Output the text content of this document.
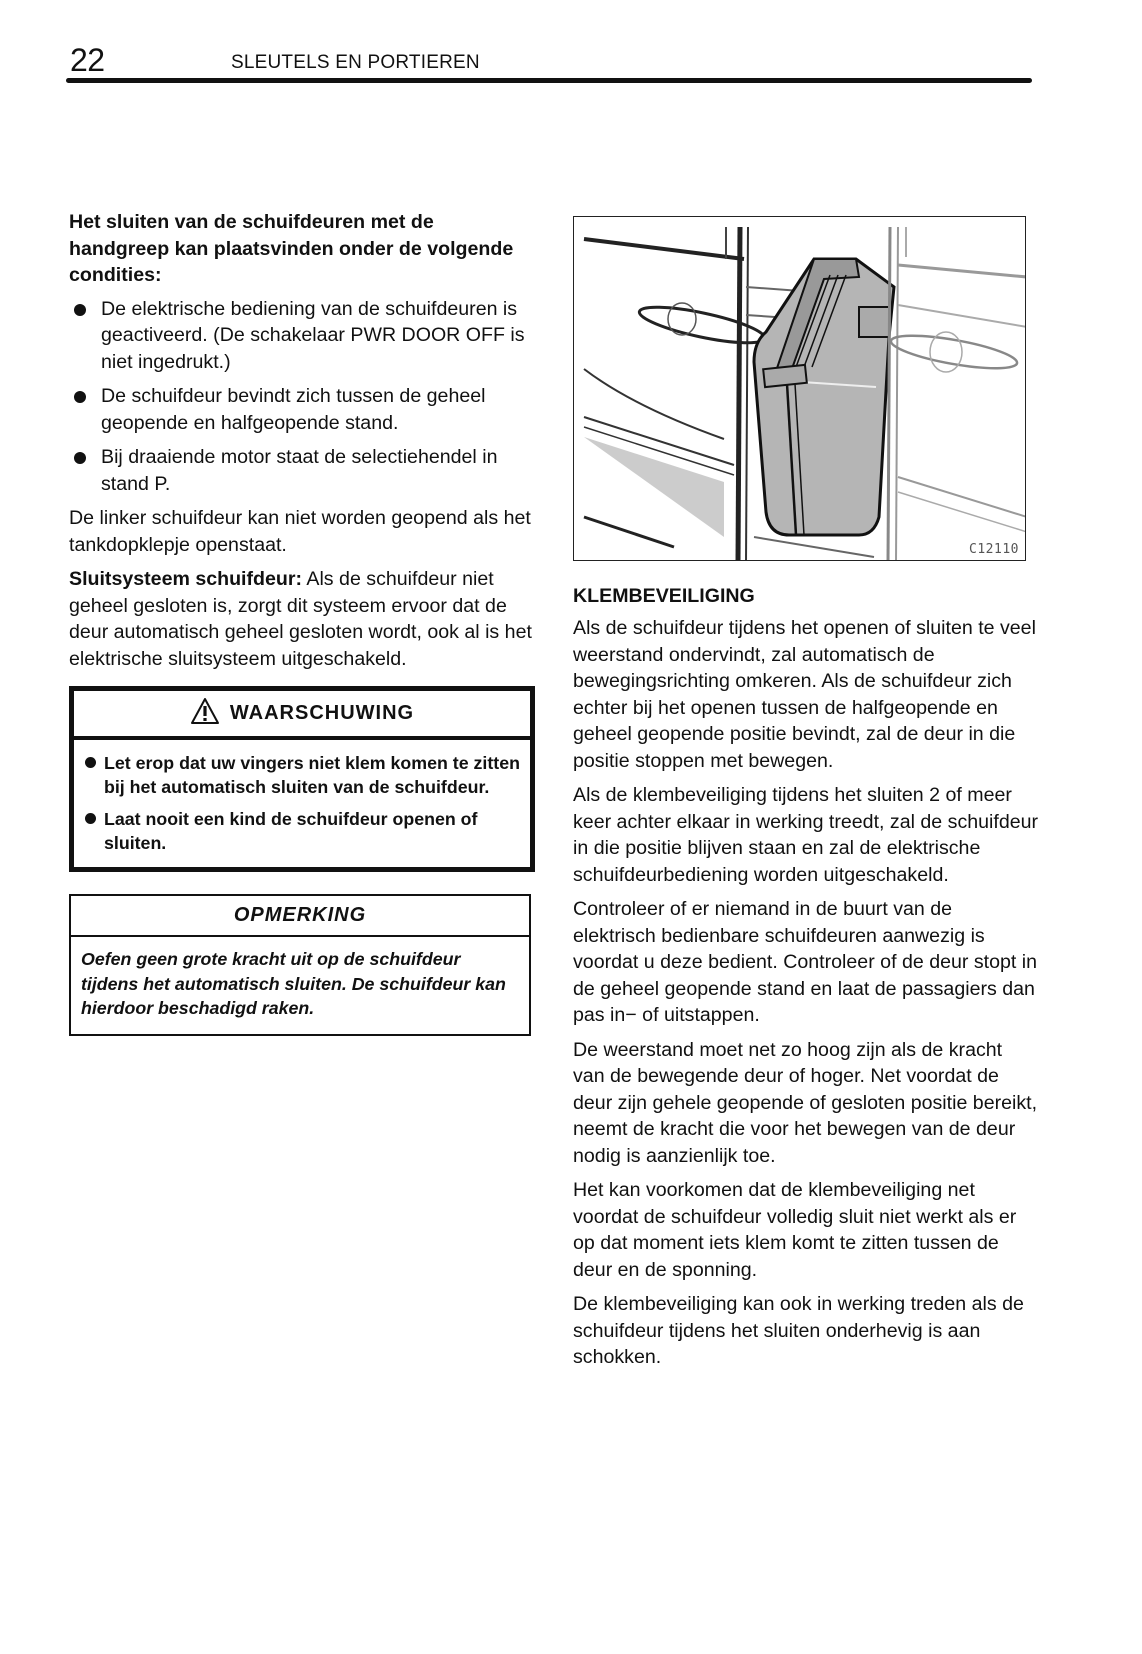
22	SLEUTELS EN PORTIEREN

Het sluiten van de schuifdeuren met de handgreep kan plaatsvinden onder de volgende condities:

De elektrische bediening van de schuifdeuren is geactiveerd. (De schakelaar PWR DOOR OFF is niet ingedrukt.)
De schuifdeur bevindt zich tussen de geheel geopende en halfgeopende stand.
Bij draaiende motor staat de selectiehendel in stand P.

De linker schuifdeur kan niet worden geopend als het tankdopklepje openstaat.

Sluitsysteem schuifdeur: Als de schuifdeur niet geheel gesloten is, zorgt dit systeem ervoor dat de deur automatisch geheel gesloten wordt, ook al is het elektrische sluitsysteem uitgeschakeld.

WAARSCHUWING
Let erop dat uw vingers niet klem komen te zitten bij het automatisch sluiten van de schuifdeur.
Laat nooit een kind de schuifdeur openen of sluiten.
OPMERKING
Oefen geen grote kracht uit op de schuifdeur tijdens het automatisch sluiten. De schuifdeur kan hierdoor beschadigd raken.
C12110
KLEMBEVEILIGING

Als de schuifdeur tijdens het openen of sluiten te veel weerstand ondervindt, zal automatisch de bewegingsrichting omkeren. Als de schuifdeur zich echter bij het openen tussen de halfgeopende en geheel geopende positie bevindt, zal de deur in die positie stoppen met bewegen.

Als de klembeveiliging tijdens het sluiten 2 of meer keer achter elkaar in werking treedt, zal de schuifdeur in die positie blijven staan en zal de elektrische schuifdeurbediening worden uitgeschakeld.

Controleer of er niemand in de buurt van de elektrisch bedienbare schuifdeuren aanwezig is voordat u deze bedient. Controleer of de deur stopt in de geheel geopende stand en laat de passagiers dan pas in− of uitstappen.

De weerstand moet net zo hoog zijn als de kracht van de bewegende deur of hoger. Net voordat de deur zijn gehele geopende of gesloten positie bereikt, neemt de kracht die voor het bewegen van de deur nodig is aanzienlijk toe.

Het kan voorkomen dat de klembeveiliging net voordat de schuifdeur volledig sluit niet werkt als er op dat moment iets klem komt te zitten tussen de deur en de sponning.

De klembeveiliging kan ook in werking treden als de schuifdeur tijdens het sluiten onderhevig is aan schokken.
